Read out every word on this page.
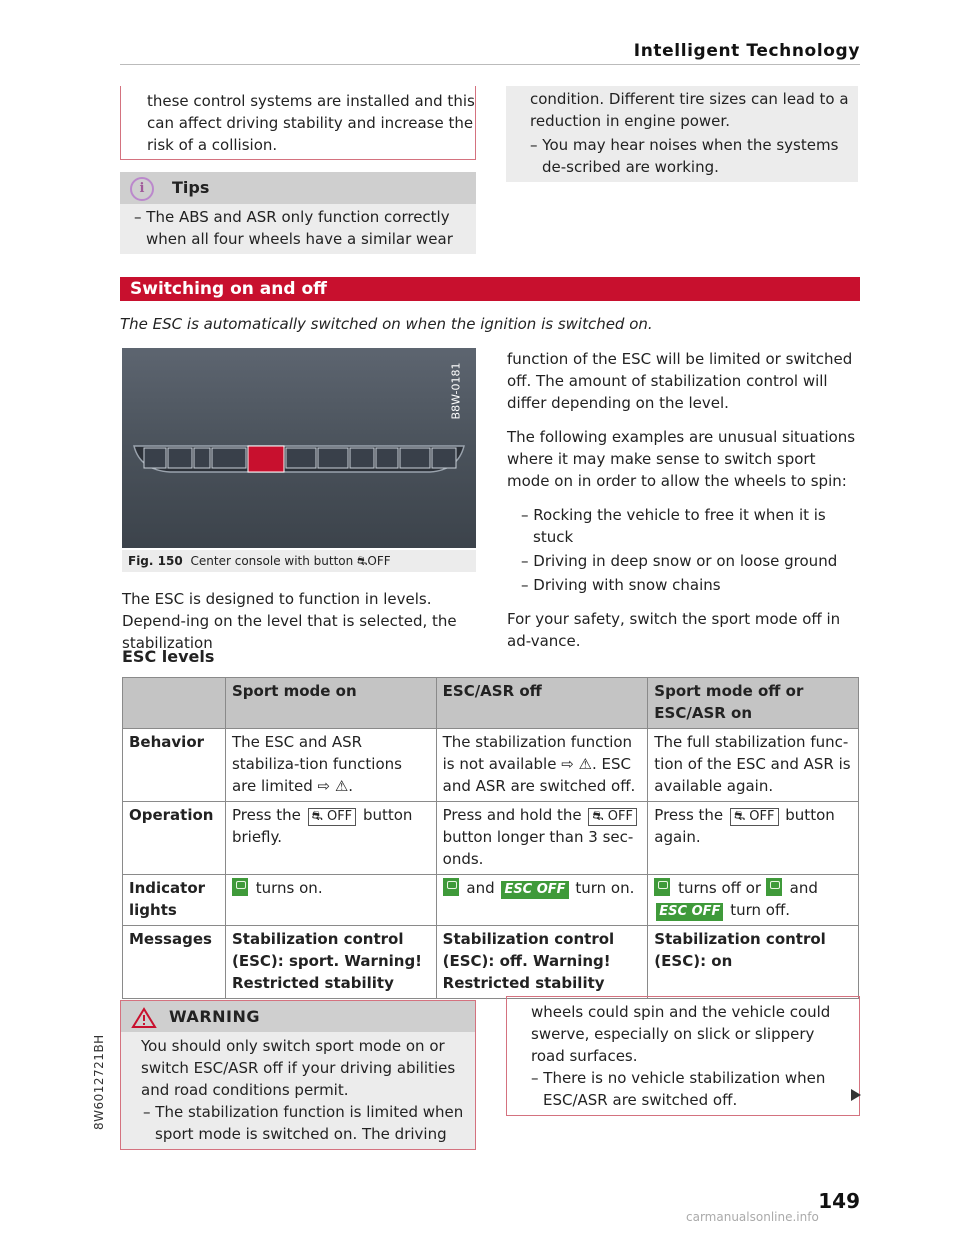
Intelligent Technology

these control systems are installed and this can affect driving stability and increase the risk of a collision.

i	Tips
– The ABS and ASR only function correctly when all four wheels have a similar wear

condition. Different tire sizes can lead to a reduction in engine power.

– You may hear noises when the systems de-scribed are working.
Switching on and off
The ESC is automatically switched on when the ignition is switched on.
B8W-0181
Fig. 150 Center console with button ⛐OFF
The ESC is designed to function in levels. Depend-ing on the level that is selected, the stabilization

function of the ESC will be limited or switched off. The amount of stabilization control will differ depending on the level.

The following examples are unusual situations where it may make sense to switch sport mode on in order to allow the wheels to spin:

– Rocking the vehicle to free it when it is stuck
– Driving in deep snow or on loose ground
– Driving with snow chains

For your safety, switch the sport mode off in ad-vance.

ESC levels
	Sport mode on	ESC/ASR off	Sport mode off or ESC/ASR on
Behavior	The ESC and ASR stabiliza-tion functions are limited ⇨ ⚠.	The stabilization function is not available ⇨ ⚠. ESC and ASR are switched off.	The full stabilization func-tion of the ESC and ASR is available again.
Operation	Press the ⛐ OFF button briefly.	Press and hold the ⛐ OFF button longer than 3 sec-onds.	Press the ⛐ OFF button again.
Indicator lights	turns on.	and ESC OFF turn on.	turns off or and ESC OFF turn off.
Messages	Stabilization control (ESC): sport. Warning! Restricted stability	Stabilization control (ESC): off. Warning! Restricted stability	Stabilization control (ESC): on
WARNING

You should only switch sport mode on or switch ESC/ASR off if your driving abilities and road conditions permit.

– The stabilization function is limited when sport mode is switched on. The driving

wheels could spin and the vehicle could swerve, especially on slick or slippery road surfaces.

– There is no vehicle stabilization when ESC/ASR are switched off.
8W6012721BH
149
carmanualsonline.info
